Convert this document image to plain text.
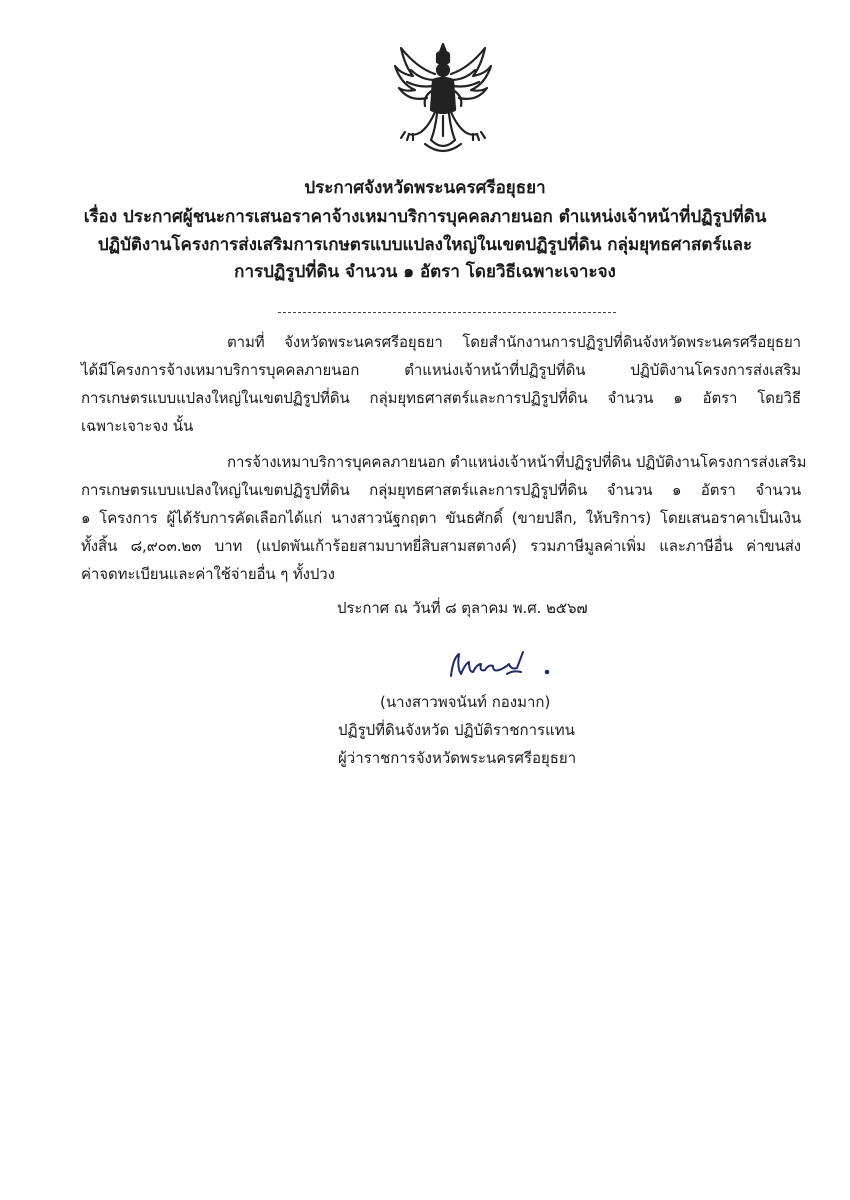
ประกาศจังหวัดพระนครศรีอยุธยา
เรื่อง ประกาศผู้ชนะการเสนอราคาจ้างเหมาบริการบุคคลภายนอก ตำแหน่งเจ้าหน้าที่ปฏิรูปที่ดิน
ปฏิบัติงานโครงการส่งเสริมการเกษตรแบบแปลงใหญ่ในเขตปฏิรูปที่ดิน กลุ่มยุทธศาสตร์และ
การปฏิรูปที่ดิน จำนวน ๑ อัตรา โดยวิธีเฉพาะเจาะจง
ตามที่ จังหวัดพระนครศรีอยุธยา โดยสำนักงานการปฏิรูปที่ดินจังหวัดพระนครศรีอยุธยา
ได้มีโครงการจ้างเหมาบริการบุคคลภายนอก ตำแหน่งเจ้าหน้าที่ปฏิรูปที่ดิน ปฏิบัติงานโครงการส่งเสริม
การเกษตรแบบแปลงใหญ่ในเขตปฏิรูปที่ดิน กลุ่มยุทธศาสตร์และการปฏิรูปที่ดิน จำนวน ๑ อัตรา โดยวิธี
เฉพาะเจาะจง นั้น
การจ้างเหมาบริการบุคคลภายนอก ตำแหน่งเจ้าหน้าที่ปฏิรูปที่ดิน ปฏิบัติงานโครงการส่งเสริม
การเกษตรแบบแปลงใหญ่ในเขตปฏิรูปที่ดิน กลุ่มยุทธศาสตร์และการปฏิรูปที่ดิน จำนวน ๑ อัตรา จำนวน
๑ โครงการ ผู้ได้รับการคัดเลือกได้แก่ นางสาวนัฐกฤตา ขันธศักดิ์ (ขายปลีก, ให้บริการ) โดยเสนอราคาเป็นเงิน
ทั้งสิ้น ๘,๙๐๓.๒๓ บาท (แปดพันเก้าร้อยสามบาทยี่สิบสามสตางค์) รวมภาษีมูลค่าเพิ่ม และภาษีอื่น ค่าขนส่ง
ค่าจดทะเบียนและค่าใช้จ่ายอื่น ๆ ทั้งปวง
ประกาศ ณ วันที่ ๘ ตุลาคม พ.ศ. ๒๕๖๗
(นางสาวพจนันท์ กองมาก)
ปฏิรูปที่ดินจังหวัด ปฏิบัติราชการแทน
ผู้ว่าราชการจังหวัดพระนครศรีอยุธยา
